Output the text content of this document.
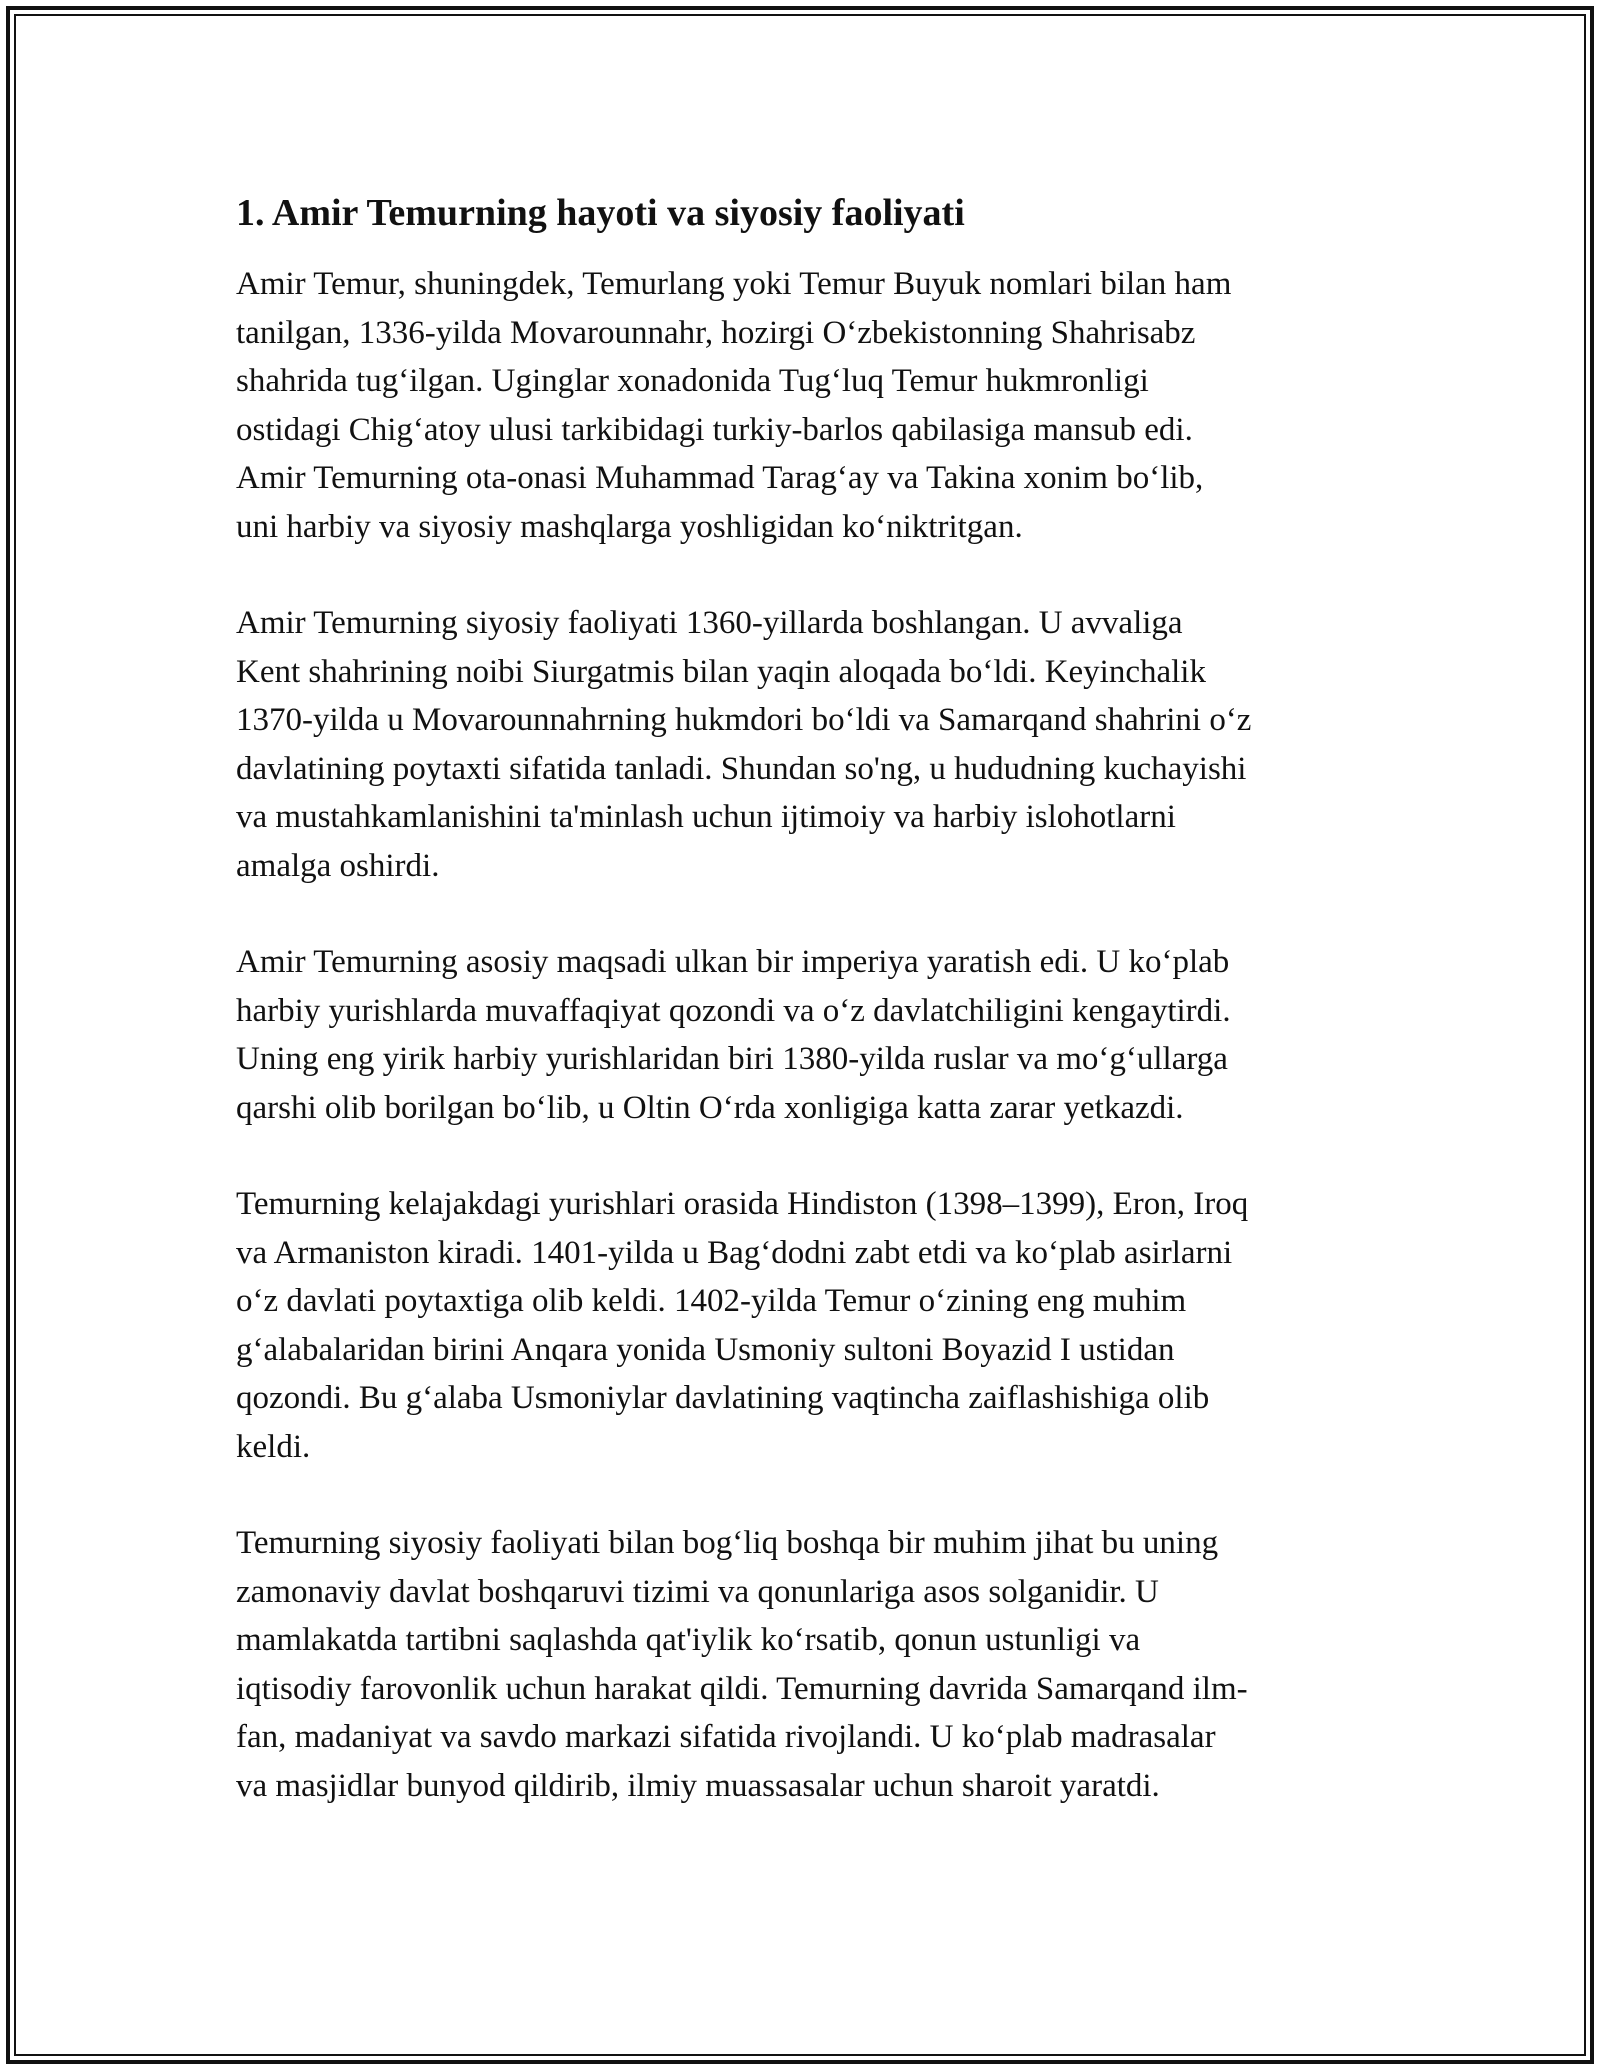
1. Amir Temurning hayoti va siyosiy faoliyati

Amir Temur, shuningdek, Temurlang yoki Temur Buyuk nomlari bilan ham
tanilgan, 1336-yilda Movarounnahr, hozirgi O‘zbekistonning Shahrisabz
shahrida tug‘ilgan. Uginglar xonadonida Tug‘luq Temur hukmronligi
ostidagi Chig‘atoy ulusi tarkibidagi turkiy-barlos qabilasiga mansub edi.
Amir Temurning ota-onasi Muhammad Tarag‘ay va Takina xonim bo‘lib,
uni harbiy va siyosiy mashqlarga yoshligidan ko‘niktritgan.

Amir Temurning siyosiy faoliyati 1360-yillarda boshlangan. U avvaliga
Kent shahrining noibi Siurgatmis bilan yaqin aloqada bo‘ldi. Keyinchalik
1370-yilda u Movarounnahrning hukmdori bo‘ldi va Samarqand shahrini o‘z
davlatining poytaxti sifatida tanladi. Shundan so'ng, u hududning kuchayishi
va mustahkamlanishini ta'minlash uchun ijtimoiy va harbiy islohotlarni
amalga oshirdi.

Amir Temurning asosiy maqsadi ulkan bir imperiya yaratish edi. U ko‘plab
harbiy yurishlarda muvaffaqiyat qozondi va o‘z davlatchiligini kengaytirdi.
Uning eng yirik harbiy yurishlaridan biri 1380-yilda ruslar va mo‘g‘ullarga
qarshi olib borilgan bo‘lib, u Oltin O‘rda xonligiga katta zarar yetkazdi.

Temurning kelajakdagi yurishlari orasida Hindiston (1398–1399), Eron, Iroq
va Armaniston kiradi. 1401-yilda u Bag‘dodni zabt etdi va ko‘plab asirlarni
o‘z davlati poytaxtiga olib keldi. 1402-yilda Temur o‘zining eng muhim
g‘alabalaridan birini Anqara yonida Usmoniy sultoni Boyazid I ustidan
qozondi. Bu g‘alaba Usmoniylar davlatining vaqtincha zaiflashishiga olib
keldi.

Temurning siyosiy faoliyati bilan bog‘liq boshqa bir muhim jihat bu uning
zamonaviy davlat boshqaruvi tizimi va qonunlariga asos solganidir. U
mamlakatda tartibni saqlashda qat'iylik ko‘rsatib, qonun ustunligi va
iqtisodiy farovonlik uchun harakat qildi. Temurning davrida Samarqand ilm-
fan, madaniyat va savdo markazi sifatida rivojlandi. U ko‘plab madrasalar
va masjidlar bunyod qildirib, ilmiy muassasalar uchun sharoit yaratdi.
